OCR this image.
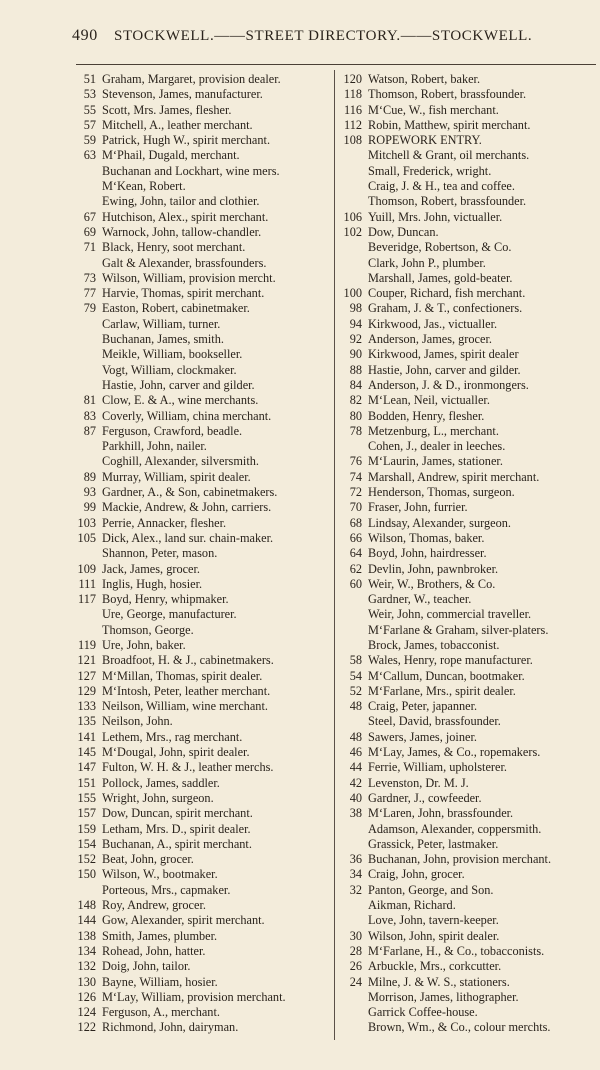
490 STOCKWELL.——STREET DIRECTORY.——STOCKWELL.
51 Graham, Margaret, provision dealer.
53 Stevenson, James, manufacturer.
55 Scott, Mrs. James, flesher.
57 Mitchell, A., leather merchant.
59 Patrick, Hugh W., spirit merchant.
63 M‘Phail, Dugald, merchant.
Buchanan and Lockhart, wine mers.
M‘Kean, Robert.
Ewing, John, tailor and clothier.
67 Hutchison, Alex., spirit merchant.
69 Warnock, John, tallow-chandler.
71 Black, Henry, soot merchant.
Galt & Alexander, brassfounders.
73 Wilson, William, provision mercht.
77 Harvie, Thomas, spirit merchant.
79 Easton, Robert, cabinetmaker.
Carlaw, William, turner.
Buchanan, James, smith.
Meikle, William, bookseller.
Vogt, William, clockmaker.
Hastie, John, carver and gilder.
81 Clow, E. & A., wine merchants.
83 Coverly, William, china merchant.
87 Ferguson, Crawford, beadle.
Parkhill, John, nailer.
Coghill, Alexander, silversmith.
89 Murray, William, spirit dealer.
93 Gardner, A., & Son, cabinetmakers.
99 Mackie, Andrew, & John, carriers.
103 Perrie, Annacker, flesher.
105 Dick, Alex., land sur. chain-maker.
Shannon, Peter, mason.
109 Jack, James, grocer.
111 Inglis, Hugh, hosier.
117 Boyd, Henry, whipmaker.
Ure, George, manufacturer.
Thomson, George.
119 Ure, John, baker.
121 Broadfoot, H. & J., cabinetmakers.
127 M‘Millan, Thomas, spirit dealer.
129 M‘Intosh, Peter, leather merchant.
133 Neilson, William, wine merchant.
135 Neilson, John.
141 Lethem, Mrs., rag merchant.
145 M‘Dougal, John, spirit dealer.
147 Fulton, W. H. & J., leather merchs.
151 Pollock, James, saddler.
155 Wright, John, surgeon.
157 Dow, Duncan, spirit merchant.
159 Letham, Mrs. D., spirit dealer.
154 Buchanan, A., spirit merchant.
152 Beat, John, grocer.
150 Wilson, W., bootmaker.
Porteous, Mrs., capmaker.
148 Roy, Andrew, grocer.
144 Gow, Alexander, spirit merchant.
138 Smith, James, plumber.
134 Rohead, John, hatter.
132 Doig, John, tailor.
130 Bayne, William, hosier.
126 M‘Lay, William, provision merchant.
124 Ferguson, A., merchant.
122 Richmond, John, dairyman.
120 Watson, Robert, baker.
118 Thomson, Robert, brassfounder.
116 M‘Cue, W., fish merchant.
112 Robin, Matthew, spirit merchant.
108 ROPEWORK ENTRY.
Mitchell & Grant, oil merchants.
Small, Frederick, wright.
Craig, J. & H., tea and coffee.
Thomson, Robert, brassfounder.
106 Yuill, Mrs. John, victualler.
102 Dow, Duncan.
Beveridge, Robertson, & Co.
Clark, John P., plumber.
Marshall, James, gold-beater.
100 Couper, Richard, fish merchant.
98 Graham, J. & T., confectioners.
94 Kirkwood, Jas., victualler.
92 Anderson, James, grocer.
90 Kirkwood, James, spirit dealer
88 Hastie, John, carver and gilder.
84 Anderson, J. & D., ironmongers.
82 M‘Lean, Neil, victualler.
80 Bodden, Henry, flesher.
78 Metzenburg, L., merchant.
Cohen, J., dealer in leeches.
76 M‘Laurin, James, stationer.
74 Marshall, Andrew, spirit merchant.
72 Henderson, Thomas, surgeon.
70 Fraser, John, furrier.
68 Lindsay, Alexander, surgeon.
66 Wilson, Thomas, baker.
64 Boyd, John, hairdresser.
62 Devlin, John, pawnbroker.
60 Weir, W., Brothers, & Co.
Gardner, W., teacher.
Weir, John, commercial traveller.
M‘Farlane & Graham, silver-platers.
Brock, James, tobacconist.
58 Wales, Henry, rope manufacturer.
54 M‘Callum, Duncan, bootmaker.
52 M‘Farlane, Mrs., spirit dealer.
48 Craig, Peter, japanner.
Steel, David, brassfounder.
48 Sawers, James, joiner.
46 M‘Lay, James, & Co., ropemakers.
44 Ferrie, William, upholsterer.
42 Levenston, Dr. M. J.
40 Gardner, J., cowfeeder.
38 M‘Laren, John, brassfounder.
Adamson, Alexander, coppersmith.
Grassick, Peter, lastmaker.
36 Buchanan, John, provision merchant.
34 Craig, John, grocer.
32 Panton, George, and Son.
Aikman, Richard.
Love, John, tavern-keeper.
30 Wilson, John, spirit dealer.
28 M‘Farlane, H., & Co., tobacconists.
26 Arbuckle, Mrs., corkcutter.
24 Milne, J. & W. S., stationers.
Morrison, James, lithographer.
Garrick Coffee-house.
Brown, Wm., & Co., colour merchts.
